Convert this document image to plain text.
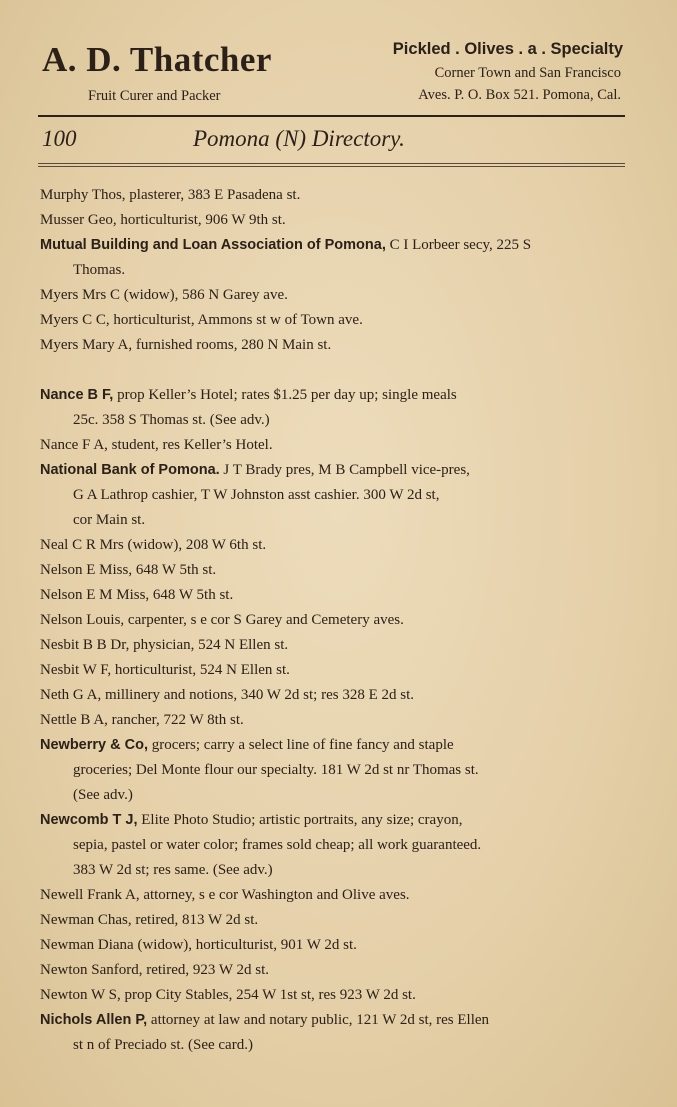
A. D. Thatcher
Fruit Curer and Packer
Pickled . Olives . a . Specialty
Corner Town and San Francisco
Aves. P. O. Box 521. Pomona, Cal.
100	Pomona (N) Directory.

Murphy Thos, plasterer, 383 E Pasadena st.

Musser Geo, horticulturist, 906 W 9th st.

Mutual Building and Loan Association of Pomona, C I Lorbeer secy, 225 S
Thomas.

Myers Mrs C (widow), 586 N Garey ave.

Myers C C, horticulturist, Ammons st w of Town ave.

Myers Mary A, furnished rooms, 280 N Main st.

Nance B F, prop Keller’s Hotel; rates $1.25 per day up; single meals
25c. 358 S Thomas st. (See adv.)

Nance F A, student, res Keller’s Hotel.

National Bank of Pomona. J T Brady pres, M B Campbell vice-pres,
G A Lathrop cashier, T W Johnston asst cashier. 300 W 2d st,
cor Main st.

Neal C R Mrs (widow), 208 W 6th st.

Nelson E Miss, 648 W 5th st.

Nelson E M Miss, 648 W 5th st.

Nelson Louis, carpenter, s e cor S Garey and Cemetery aves.

Nesbit B B Dr, physician, 524 N Ellen st.

Nesbit W F, horticulturist, 524 N Ellen st.

Neth G A, millinery and notions, 340 W 2d st; res 328 E 2d st.

Nettle B A, rancher, 722 W 8th st.

Newberry & Co, grocers; carry a select line of fine fancy and staple
groceries; Del Monte flour our specialty. 181 W 2d st nr Thomas st.
(See adv.)

Newcomb T J, Elite Photo Studio; artistic portraits, any size; crayon,
sepia, pastel or water color; frames sold cheap; all work guaranteed.
383 W 2d st; res same. (See adv.)

Newell Frank A, attorney, s e cor Washington and Olive aves.

Newman Chas, retired, 813 W 2d st.

Newman Diana (widow), horticulturist, 901 W 2d st.

Newton Sanford, retired, 923 W 2d st.

Newton W S, prop City Stables, 254 W 1st st, res 923 W 2d st.

Nichols Allen P, attorney at law and notary public, 121 W 2d st, res Ellen
st n of Preciado st. (See card.)
